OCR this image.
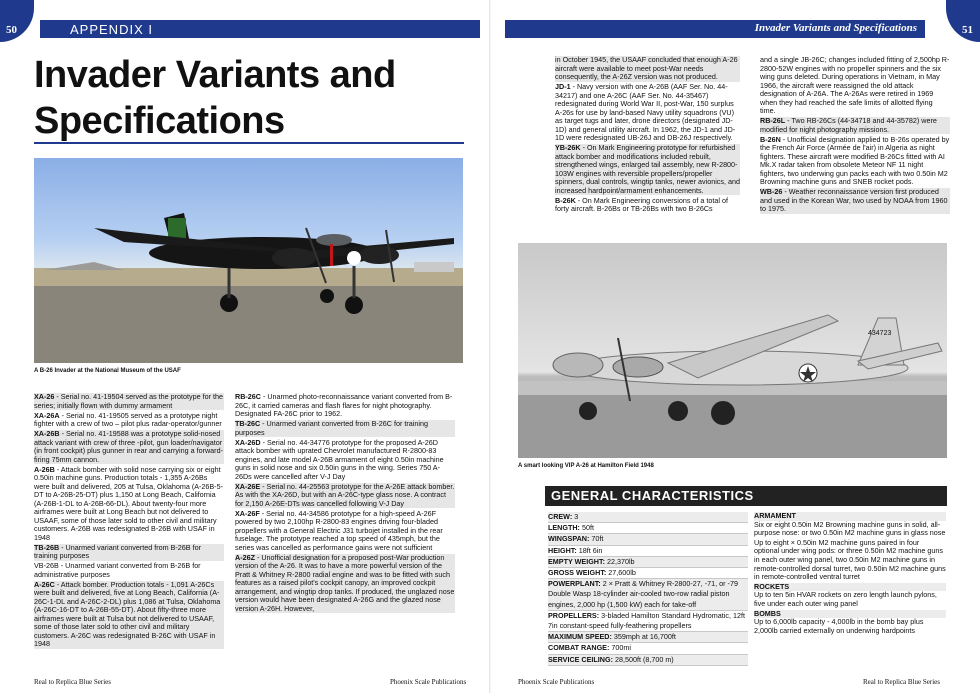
50	51
APPENDIX I	Invader Variants and Specifications
Invader Variants and Specifications
A B-26 Invader at the National Museum of the USAF
434723
A smart looking VIP A-26 at Hamilton Field 1948

XA-26 - Serial no. 41-19504 served as the prototype for the series; initially flown with dummy armament

XA-26A - Serial no. 41-19505 served as a prototype night fighter with a crew of two – pilot plus radar-operator/gunner

XA-26B - Serial no. 41-19588 was a prototype solid-nosed attack variant with crew of three -pilot, gun loader/navigator (in front cockpit) plus gunner in rear and carrying a forward-firing 75mm cannon.

A-26B - Attack bomber with solid nose carrying six or eight 0.50in machine guns. Production totals - 1,355 A-26Bs were built and delivered, 205 at Tulsa, Oklahoma (A-26B-5-DT to A-26B-25-DT) plus 1,150 at Long Beach, California (A-26B-1-DL to A-26B-66-DL). About twenty-four more airframes were built at Long Beach but not delivered to USAAF, some of those later sold to other civil and military customers. A-26B was redesignated B-26B with USAF in 1948

TB-26B - Unarmed variant converted from B-26B for training purposes

VB-26B - Unarmed variant converted from B-26B for administrative purposes

A-26C - Attack bomber. Production totals - 1,091 A-26Cs were built and delivered, five at Long Beach, California (A-26C-1-DL and A-26C-2-DL) plus 1,086 at Tulsa, Oklahoma (A-26C-16-DT to A-26B-55-DT). About fifty-three more airframes were built at Tulsa but not delivered to USAAF, some of those later sold to other civil and military customers. A-26C was redesignated B-26C with USAF in 1948

RB-26C - Unarmed photo-reconnaissance variant converted from B-26C, it carried cameras and flash flares for night photography. Designated FA-26C prior to 1962.

TB-26C - Unarmed variant converted from B-26C for training purposes

XA-26D - Serial no. 44-34776 prototype for the proposed A-26D attack bomber with uprated Chevrolet manufactured R-2800-83 engines, and late model A-26B armament of eight 0.50in machine guns in solid nose and six 0.50in guns in the wing. Series 750 A-26Ds were cancelled after V-J Day

XA-26E - Serial no. 44-25563 prototype for the A-26E attack bomber. As with the XA-26D, but with an A-26C-type glass nose. A contract for 2,150 A-26E-DTs was cancelled following V-J Day

XA-26F - Serial no. 44-34586 prototype for a high-speed A-26F powered by two 2,100hp R-2800-83 engines driving four-bladed propellers with a General Electric J31 turbojet installed in the rear fuselage. The prototype reached a top speed of 435mph, but the series was cancelled as performance gains were not sufficient

A-26Z - Unofficial designation for a proposed post-War production version of the A-26. It was to have a more powerful version of the Pratt & Whitney R-2800 radial engine and was to be fitted with such features as a raised pilot's cockpit canopy, an improved cockpit arrangement, and wingtip drop tanks. If produced, the unglazed nose version would have been designated A-26G and the glazed nose version A-26H. However,

in October 1945, the USAAF concluded that enough A-26 aircraft were available to meet post-War needs consequently, the A-26Z version was not produced.

JD-1 - Navy version with one A-26B (AAF Ser. No. 44-34217) and one A-26C (AAF Ser. No. 44-35467) redesignated during World War II, post-War, 150 surplus A-26s for use by land-based Navy utility squadrons (VU) as target tugs and later, drone directors (designated JD-1D) and general utility aircraft. In 1962, the JD-1 and JD-1D were redesignated UB-26J and DB-26J respectively.

YB-26K - On Mark Engineering prototype for refurbished attack bomber and modifications included rebuilt, strengthened wings, enlarged tail assembly, new R-2800-103W engines with reversible propellers/propeller spinners, dual controls, wingtip tanks, newer avionics, and increased hardpoint/armament enhancements.

B-26K - On Mark Engineering conversions of a total of forty aircraft. B-26Bs or TB-26Bs with two B-26Cs

and a single JB-26C; changes included fitting of 2,500hp R-2800-52W engines with no propeller spinners and the six wing guns deleted. During operations in Vietnam, in May 1966, the aircraft were reassigned the old attack designation of A-26A. The A-26As were retired in 1969 when they had reached the safe limits of allotted flying time.

RB-26L - Two RB-26Cs (44-34718 and 44-35782) were modified for night photography missions.

B-26N - Unofficial designation applied to B-26s operated by the French Air Force (Armée de l'air) in Algeria as night fighters. These aircraft were modified B-26Cs fitted with AI Mk.X radar taken from obsolete Meteor NF 11 night fighters, two underwing gun packs each with two 0.50in M2 Browning machine guns and SNEB rocket pods.

WB-26 - Weather reconnaissance version first produced and used in the Korean War, two used by NOAA from 1960 to 1975.

GENERAL CHARACTERISTICS
CREW: 3
LENGTH: 50ft
WINGSPAN: 70ft
HEIGHT: 18ft 6in
EMPTY WEIGHT: 22,370lb
GROSS WEIGHT: 27,600lb
POWERPLANT: 2 × Pratt & Whitney R-2800-27, -71, or -79 Double Wasp 18-cylinder air-cooled two-row radial piston engines, 2,000 hp (1,500 kW) each for take-off
PROPELLERS: 3-bladed Hamilton Standard Hydromatic, 12ft 7in constant-speed fully-feathering propellers
MAXIMUM SPEED: 359mph at 16,700ft
COMBAT RANGE: 700mi
SERVICE CEILING: 28,500ft (8,700 m)
ARMAMENT

Six or eight 0.50in M2 Browning machine guns in solid, all-purpose nose: or two 0.50in M2 machine guns in glass nose

Up to eight × 0.50in M2 machine guns paired in four optional under wing pods: or three 0.50in M2 machine guns in each outer wing panel, two 0.50in M2 machine guns in remote-controlled dorsal turret, two 0.50in M2 machine guns in remote-controlled ventral turret

ROCKETS

Up to ten 5in HVAR rockets on zero length launch pylons, five under each outer wing panel

BOMBS

Up to 6,000lb capacity - 4,000lb in the bomb bay plus 2,000lb carried externally on underwing hardpoints

Real to Replica Blue Series	Phoenix Scale Publications	Phoenix Scale Publications	Real to Replica Blue Series
